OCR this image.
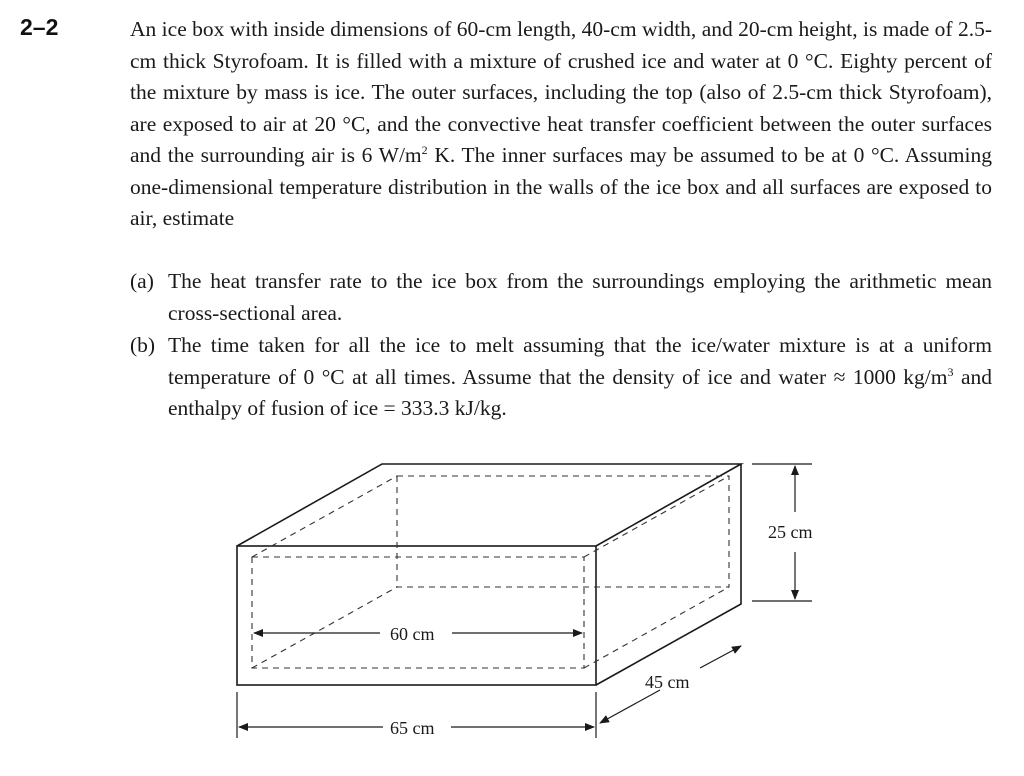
2–2	An ice box with inside dimensions of 60-cm length, 40-cm width, and 20-cm height, is made of 2.5-cm thick Styrofoam. It is filled with a mixture of crushed ice and water at 0 °C. Eighty percent of the mixture by mass is ice. The outer surfaces, including the top (also of 2.5-cm thick Styrofoam), are exposed to air at 20 °C, and the convective heat transfer coefficient between the outer surfaces and the surrounding air is 6 $W/m^2$ K. The inner surfaces may be assumed to be at 0 °C. Assuming one-dimensional temperature distribution in the walls of the ice box and all surfaces are exposed to air, estimate

(a) The heat transfer rate to the ice box from the surroundings employing the arithmetic mean cross-sectional area.
(b) The time taken for all the ice to melt assuming that the ice/water mixture is at a uniform temperature of 0 °C at all times. Assume that the density of ice and water ≈ 1000 $kg/m^3$ and enthalpy of fusion of ice = 333.3 kJ/kg.
25 cm
60 cm
65 cm
45 cm
